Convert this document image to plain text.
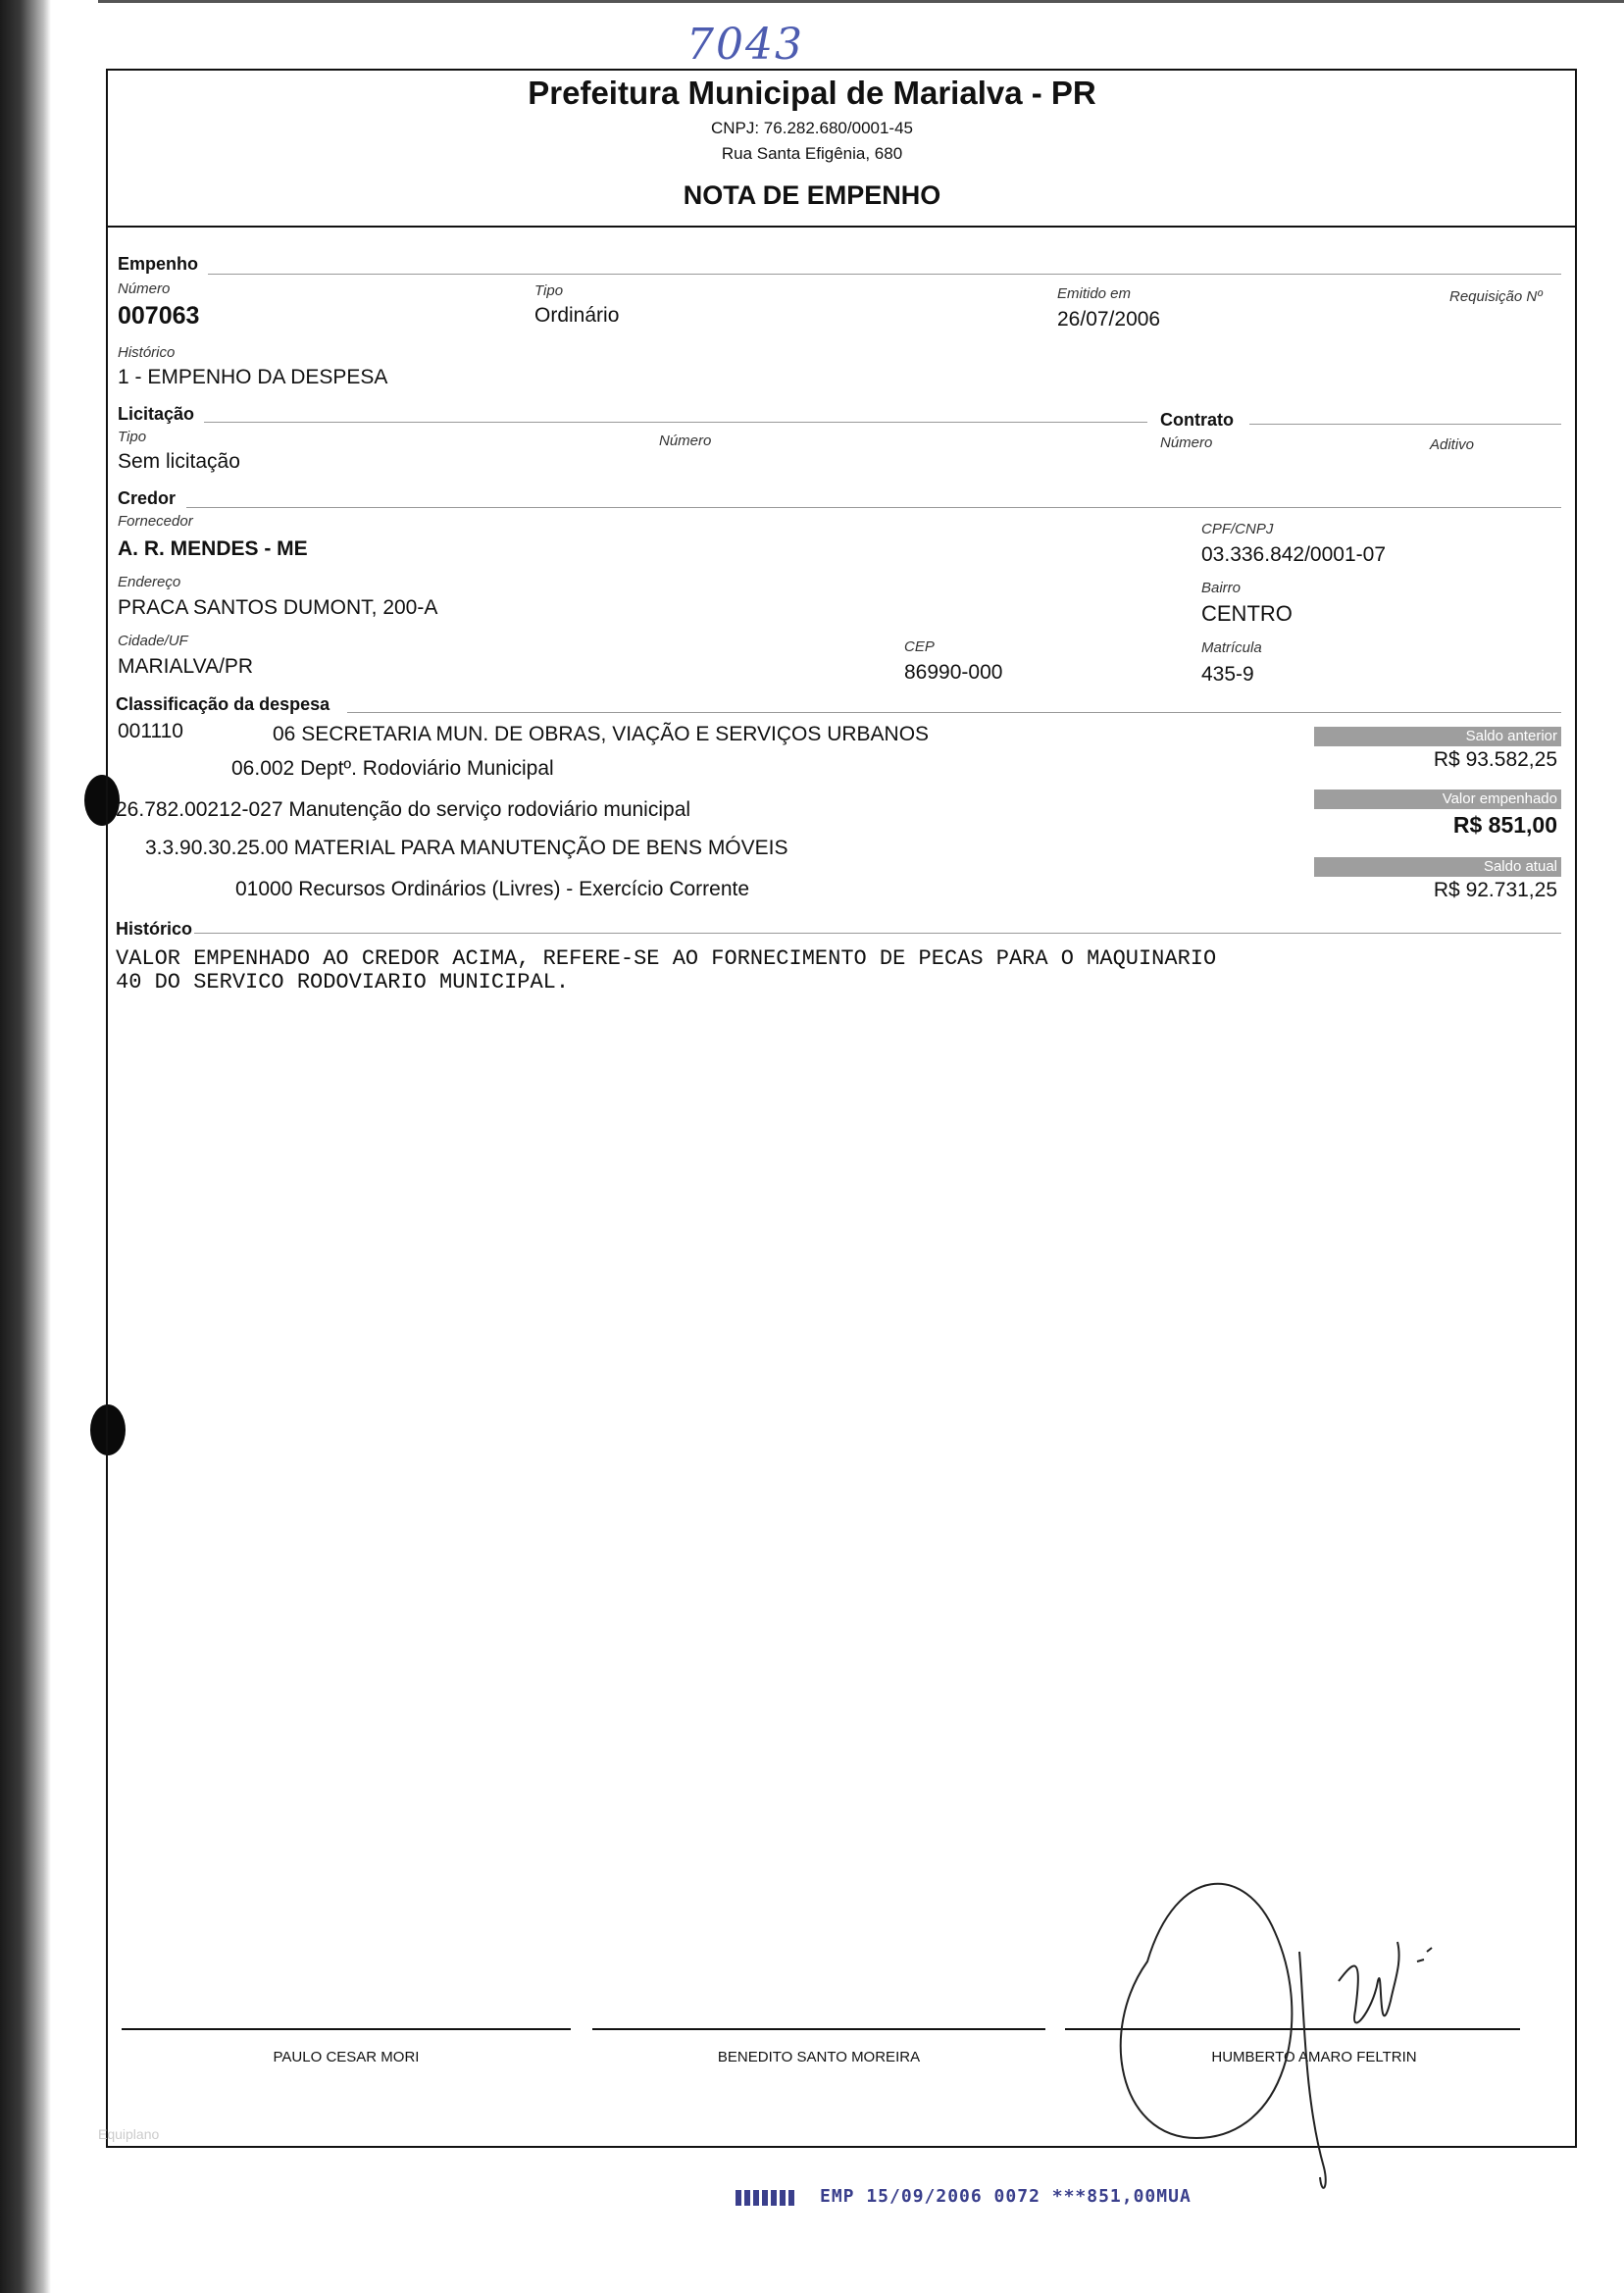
7043
Prefeitura Municipal de Marialva - PR
CNPJ: 76.282.680/0001-45
Rua Santa Efigênia, 680
NOTA DE EMPENHO
Empenho
Número
007063
Tipo
Ordinário
Emitido em
26/07/2006
Requisição Nº
Histórico
1 - EMPENHO DA DESPESA
Licitação	Contrato
Tipo
Sem licitação
Número	Número	Aditivo
Credor
Fornecedor
A. R. MENDES - ME
CPF/CNPJ
03.336.842/0001-07
Endereço
PRACA SANTOS DUMONT, 200-A
Bairro
CENTRO
Cidade/UF
MARIALVA/PR
CEP
86990-000
Matrícula
435-9
Classificação da despesa
001110	06 SECRETARIA MUN. DE OBRAS, VIAÇÃO E SERVIÇOS URBANOS
06.002 Deptº. Rodoviário Municipal
26.782.00212-027 Manutenção do serviço rodoviário municipal
3.3.90.30.25.00 MATERIAL PARA MANUTENÇÃO DE BENS MÓVEIS
01000 Recursos Ordinários (Livres) - Exercício Corrente
Saldo anterior
R$ 93.582,25
Valor empenhado
R$ 851,00
Saldo atual
R$ 92.731,25
Histórico
VALOR EMPENHADO AO CREDOR ACIMA, REFERE-SE AO FORNECIMENTO DE PECAS PARA O MAQUINARIO
40 DO SERVICO RODOVIARIO MUNICIPAL.
PAULO CESAR MORI	BENEDITO SANTO MOREIRA	HUMBERTO AMARO FELTRIN
Equiplano
EMP 15/09/2006 0072 ***851,00MUA
